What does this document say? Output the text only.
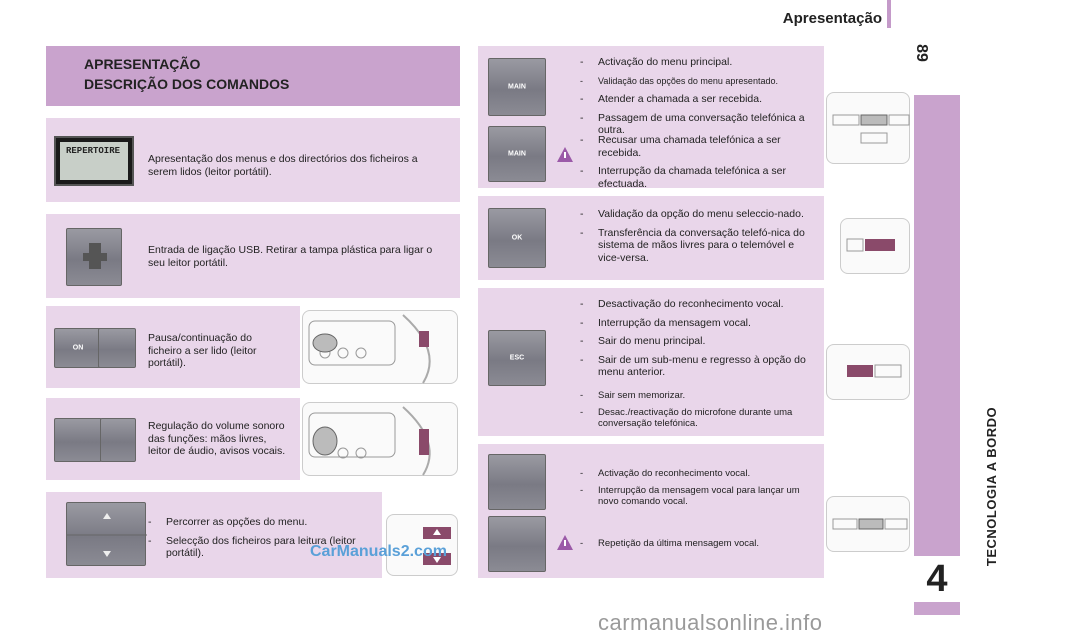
Apresentação
89
TECNOLOGIA A BORDO
4
APRESENTAÇÃO
DESCRIÇÃO DOS COMANDOS
REPERTOIRE
Apresentação dos menus e dos directórios dos ficheiros a serem lidos (leitor portátil).
Entrada de ligação USB. Retirar a tampa plástica para ligar o seu leitor portátil.
ON
Pausa/continuação do ficheiro a ser lido (leitor portátil).
Regulação do volume sonoro das funções: mãos livres, leitor de áudio, avisos vocais.
- Percorrer as opções do menu.
- Selecção dos ficheiros para leitura (leitor portátil).	CarManuals2.com
MAIN
MAIN
- Activação do menu principal.
- Validação das opções do menu apresentado.
- Atender a chamada a ser recebida.
- Passagem de uma conversação telefónica a outra.
- Recusar uma chamada telefónica a ser recebida.
- Interrupção da chamada telefónica a ser efectuada.
OK
- Validação da opção do menu seleccio-nado.
- Transferência da conversação telefó-nica do sistema de mãos livres para o telemóvel e vice-versa.
ESC
- Desactivação do reconhecimento vocal.
- Interrupção da mensagem vocal.
- Sair do menu principal.
- Sair de um sub-menu e regresso à opção do menu anterior.
- Sair sem memorizar.
- Desac./reactivação do microfone durante uma conversação telefónica.
- Activação do reconhecimento vocal.
- Interrupção da mensagem vocal para lançar um novo comando vocal.
- Repetição da última mensagem vocal.
carmanualsonline.info
